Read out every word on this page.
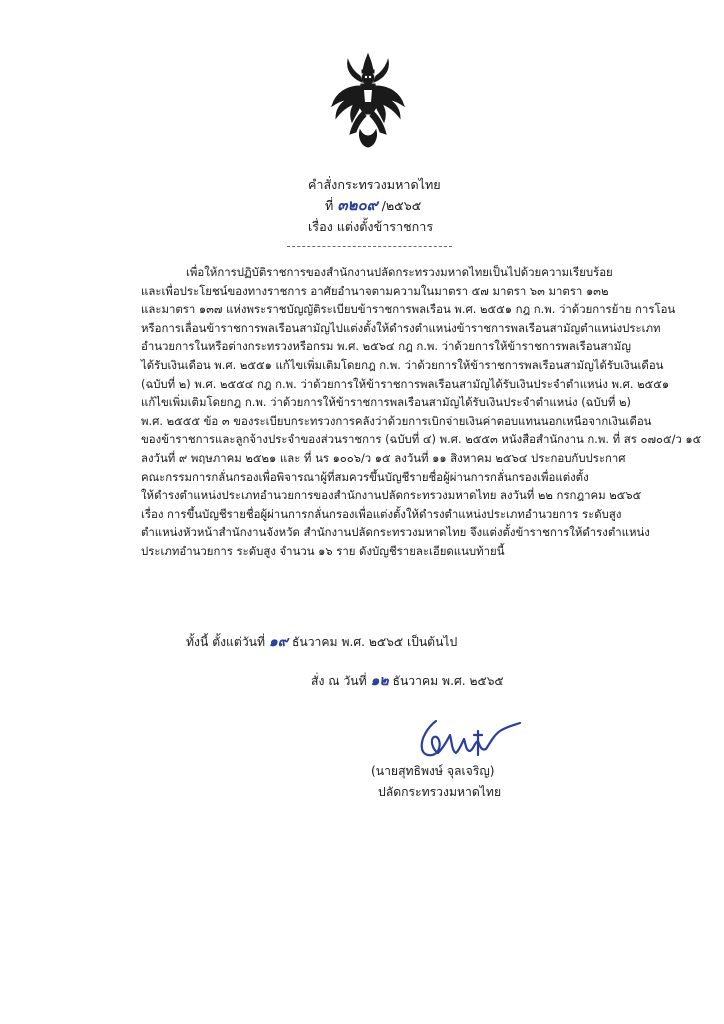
คำสั่งกระทรวงมหาดไทย
ที่ ๓๒๐๙ /๒๕๖๕
เรื่อง แต่งตั้งข้าราชการ
เพื่อให้การปฏิบัติราชการของสำนักงานปลัดกระทรวงมหาดไทยเป็นไปด้วยความเรียบร้อย
และเพื่อประโยชน์ของทางราชการ อาศัยอำนาจตามความในมาตรา ๕๗ มาตรา ๖๓ มาตรา ๑๓๒
และมาตรา ๑๓๗ แห่งพระราชบัญญัติระเบียบข้าราชการพลเรือน พ.ศ. ๒๕๕๑ กฎ ก.พ. ว่าด้วยการย้าย การโอน
หรือการเลื่อนข้าราชการพลเรือนสามัญไปแต่งตั้งให้ดำรงตำแหน่งข้าราชการพลเรือนสามัญตำแหน่งประเภท
อำนวยการในหรือต่างกระทรวงหรือกรม พ.ศ. ๒๕๖๔ กฎ ก.พ. ว่าด้วยการให้ข้าราชการพลเรือนสามัญ
ได้รับเงินเดือน พ.ศ. ๒๕๕๑ แก้ไขเพิ่มเติมโดยกฎ ก.พ. ว่าด้วยการให้ข้าราชการพลเรือนสามัญได้รับเงินเดือน
(ฉบับที่ ๒) พ.ศ. ๒๕๕๔ กฎ ก.พ. ว่าด้วยการให้ข้าราชการพลเรือนสามัญได้รับเงินประจำตำแหน่ง พ.ศ. ๒๕๕๑
แก้ไขเพิ่มเติมโดยกฎ ก.พ. ว่าด้วยการให้ข้าราชการพลเรือนสามัญได้รับเงินประจำตำแหน่ง (ฉบับที่ ๒)
พ.ศ. ๒๕๕๕ ข้อ ๓ ของระเบียบกระทรวงการคลังว่าด้วยการเบิกจ่ายเงินค่าตอบแทนนอกเหนือจากเงินเดือน
ของข้าราชการและลูกจ้างประจำของส่วนราชการ (ฉบับที่ ๔) พ.ศ. ๒๕๕๓ หนังสือสำนักงาน ก.พ. ที่ สร ๐๗๐๕/ว ๑๕
ลงวันที่ ๙ พฤษภาคม ๒๕๒๑ และ ที่ นร ๑๐๐๖/ว ๑๕ ลงวันที่ ๑๑ สิงหาคม ๒๕๖๔ ประกอบกับประกาศ
คณะกรรมการกลั่นกรองเพื่อพิจารณาผู้ที่สมควรขึ้นบัญชีรายชื่อผู้ผ่านการกลั่นกรองเพื่อแต่งตั้ง
ให้ดำรงตำแหน่งประเภทอำนวยการของสำนักงานปลัดกระทรวงมหาดไทย ลงวันที่ ๒๒ กรกฎาคม ๒๕๖๕
เรื่อง การขึ้นบัญชีรายชื่อผู้ผ่านการกลั่นกรองเพื่อแต่งตั้งให้ดำรงตำแหน่งประเภทอำนวยการ ระดับสูง
ตำแหน่งหัวหน้าสำนักงานจังหวัด สำนักงานปลัดกระทรวงมหาดไทย จึงแต่งตั้งข้าราชการให้ดำรงตำแหน่ง
ประเภทอำนวยการ ระดับสูง จำนวน ๑๖ ราย ดังบัญชีรายละเอียดแนบท้ายนี้
ทั้งนี้ ตั้งแต่วันที่ ๑๙ ธันวาคม พ.ศ. ๒๕๖๕ เป็นต้นไป
สั่ง ณ วันที่ ๑๒ ธันวาคม พ.ศ. ๒๕๖๕
(นายสุทธิพงษ์ จุลเจริญ)
ปลัดกระทรวงมหาดไทย
